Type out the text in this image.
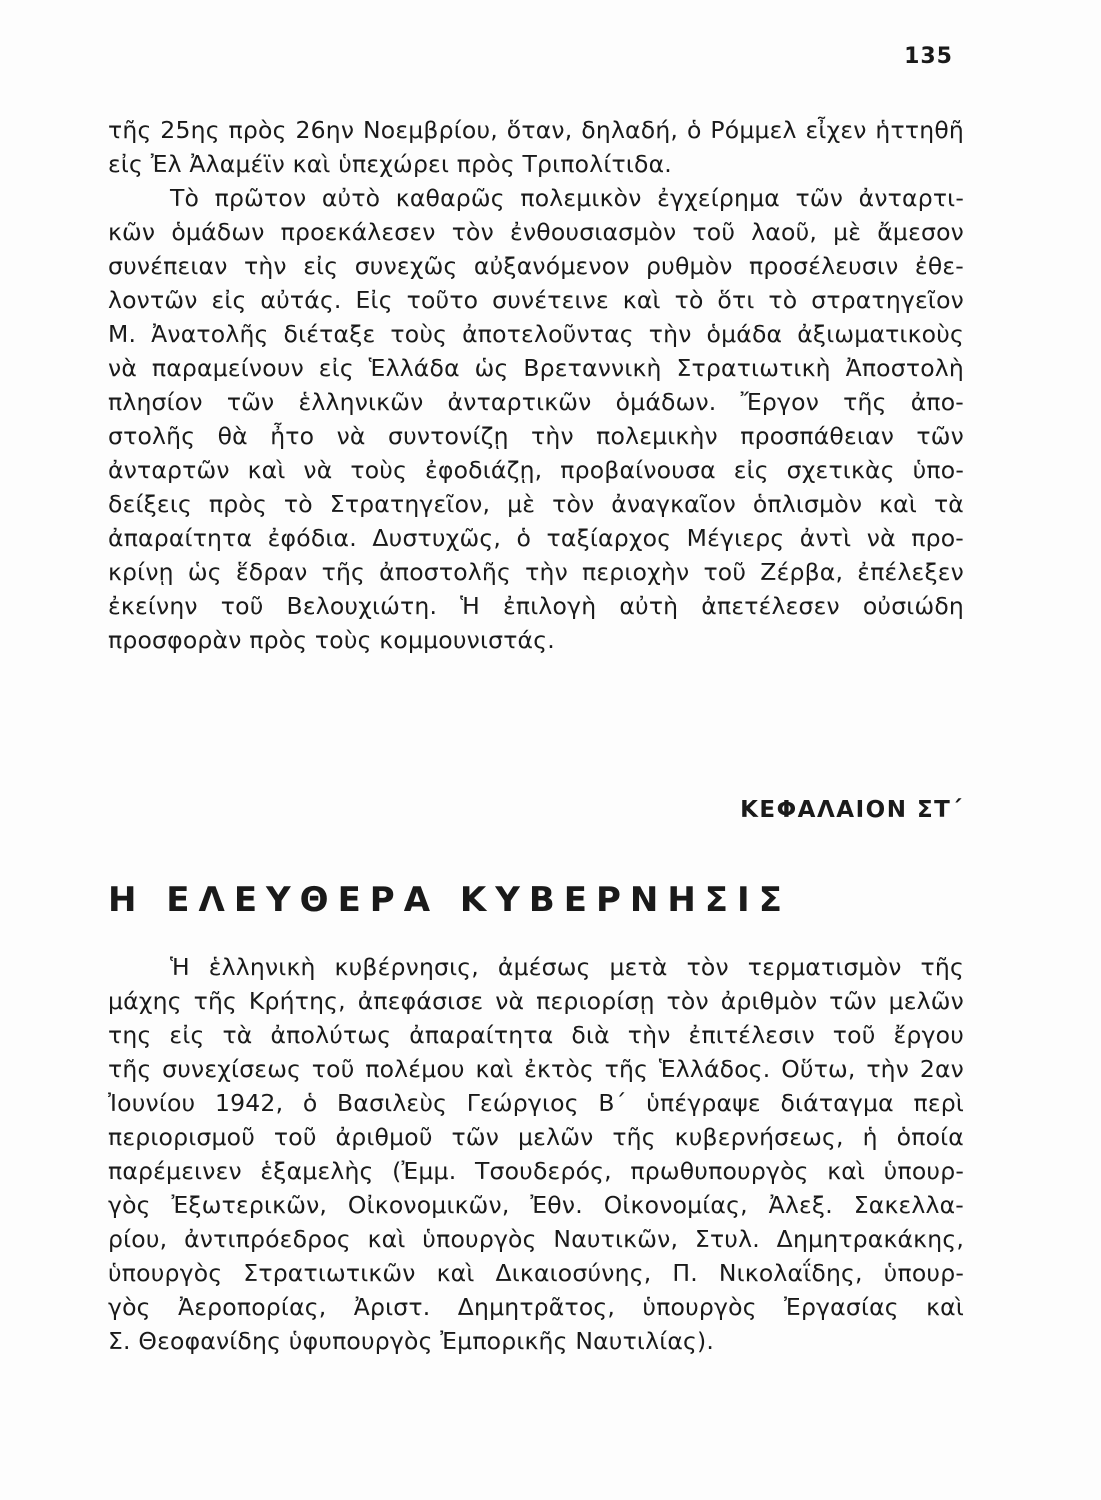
135
τῆς 25ης πρὸς 26ην Νοεμβρίου, ὅταν, δηλαδή, ὁ Ρόμμελ εἶχεν ἡττηθῆ
εἰς Ἐλ Ἀλαμέϊν καὶ ὑπεχώρει πρὸς Τριπολίτιδα.
Τὸ πρῶτον αὐτὸ καθαρῶς πολεμικὸν ἐγχείρημα τῶν ἀνταρτι-
κῶν ὁμάδων προεκάλεσεν τὸν ἐνθουσιασμὸν τοῦ λαοῦ, μὲ ἄμεσον
συνέπειαν τὴν εἰς συνεχῶς αὐξανόμενον ρυθμὸν προσέλευσιν ἐθε-
λοντῶν εἰς αὐτάς. Εἰς τοῦτο συνέτεινε καὶ τὸ ὅτι τὸ στρατηγεῖον
Μ. Ἀνατολῆς διέταξε τοὺς ἀποτελοῦντας τὴν ὁμάδα ἀξιωματικοὺς
νὰ παραμείνουν εἰς Ἑλλάδα ὡς Βρεταννικὴ Στρατιωτικὴ Ἀποστολὴ
πλησίον τῶν ἑλληνικῶν ἀνταρτικῶν ὁμάδων. Ἔργον τῆς ἀπο-
στολῆς θὰ ἦτο νὰ συντονίζῃ τὴν πολεμικὴν προσπάθειαν τῶν
ἀνταρτῶν καὶ νὰ τοὺς ἐφοδιάζῃ, προβαίνουσα εἰς σχετικὰς ὑπο-
δείξεις πρὸς τὸ Στρατηγεῖον, μὲ τὸν ἀναγκαῖον ὁπλισμὸν καὶ τὰ
ἀπαραίτητα ἐφόδια. Δυστυχῶς, ὁ ταξίαρχος Μέγιερς ἀντὶ νὰ προ-
κρίνῃ ὡς ἕδραν τῆς ἀποστολῆς τὴν περιοχὴν τοῦ Ζέρβα, ἐπέλεξεν
ἐκείνην τοῦ Βελουχιώτη. Ἡ ἐπιλογὴ αὐτὴ ἀπετέλεσεν οὐσιώδη
προσφορὰν πρὸς τοὺς κομμουνιστάς.
ΚΕΦΑΛΑΙΟΝ ΣΤ΄
Η ΕΛΕΥΘΕΡΑ ΚΥΒΕΡΝΗΣΙΣ
Ἡ ἑλληνικὴ κυβέρνησις, ἀμέσως μετὰ τὸν τερματισμὸν τῆς
μάχης τῆς Κρήτης, ἀπεφάσισε νὰ περιορίσῃ τὸν ἀριθμὸν τῶν μελῶν
της εἰς τὰ ἀπολύτως ἀπαραίτητα διὰ τὴν ἐπιτέλεσιν τοῦ ἔργου
τῆς συνεχίσεως τοῦ πολέμου καὶ ἐκτὸς τῆς Ἑλλάδος. Οὕτω, τὴν 2αν
Ἰουνίου 1942, ὁ Βασιλεὺς Γεώργιος Β΄ ὑπέγραψε διάταγμα περὶ
περιορισμοῦ τοῦ ἀριθμοῦ τῶν μελῶν τῆς κυβερνήσεως, ἡ ὁποία
παρέμεινεν ἑξαμελὴς (Ἐμμ. Τσουδερός, πρωθυπουργὸς καὶ ὑπουρ-
γὸς Ἐξωτερικῶν, Οἰκονομικῶν, Ἐθν. Οἰκονομίας, Ἀλεξ. Σακελλα-
ρίου, ἀντιπρόεδρος καὶ ὑπουργὸς Ναυτικῶν, Στυλ. Δημητρακάκης,
ὑπουργὸς Στρατιωτικῶν καὶ Δικαιοσύνης, Π. Νικολαΐδης, ὑπουρ-
γὸς Ἀεροπορίας, Ἀριστ. Δημητρᾶτος, ὑπουργὸς Ἐργασίας καὶ
Σ. Θεοφανίδης ὑφυπουργὸς Ἐμπορικῆς Ναυτιλίας).
